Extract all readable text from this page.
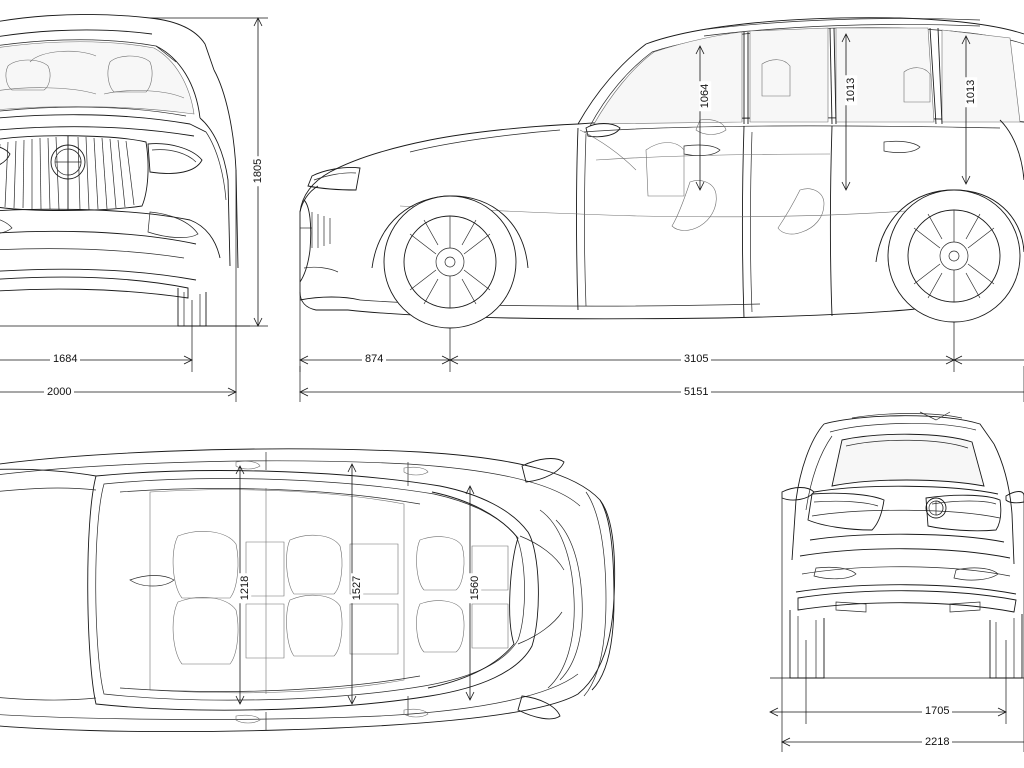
1805
1684
2000
874	3105
5151
1064	1013	1013
1218	1527	1560
1705
2218
